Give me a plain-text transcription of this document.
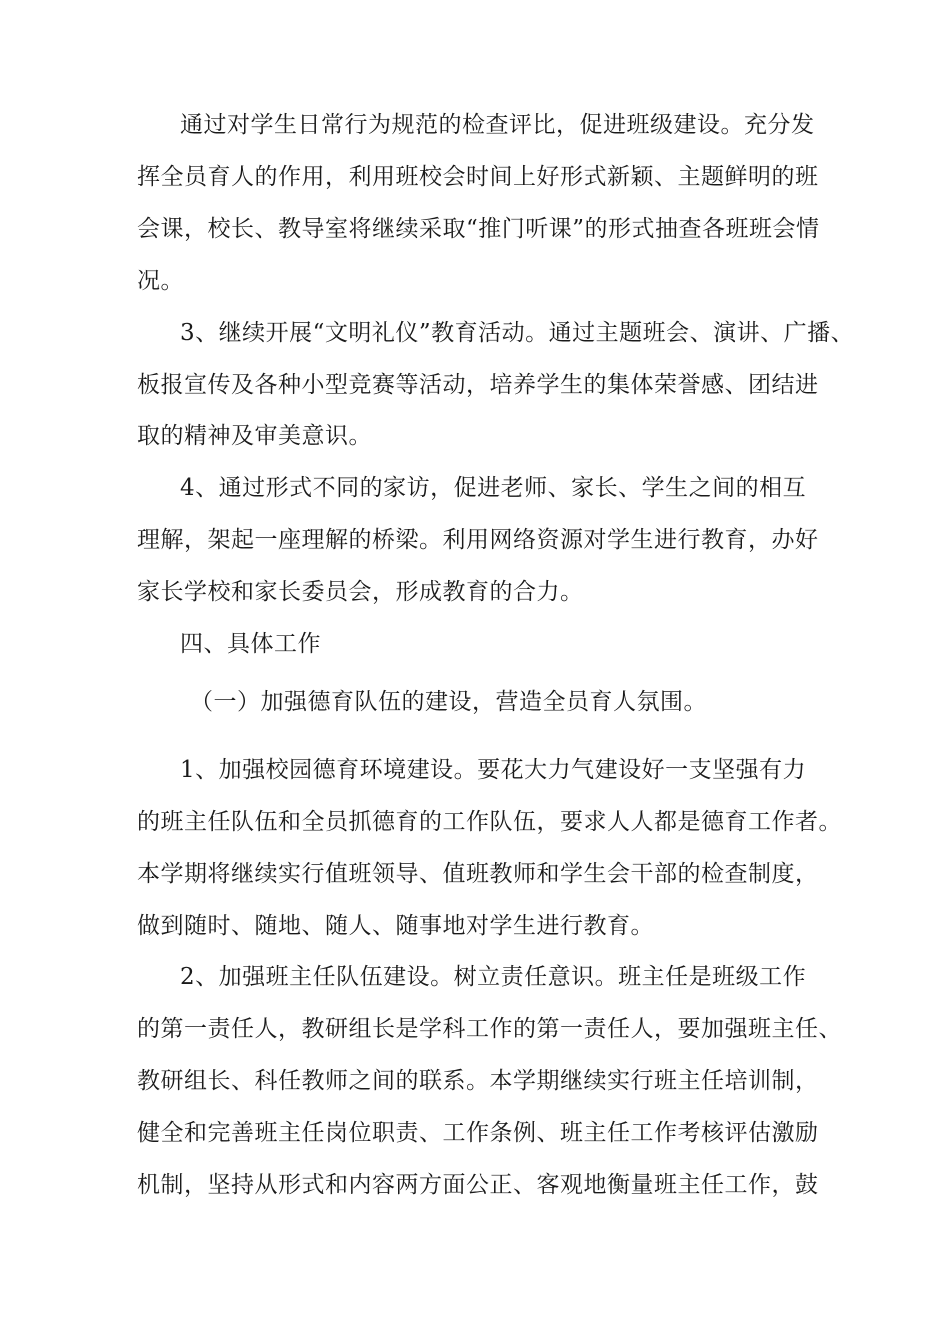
通过对学生日常行为规范的检查评比，促进班级建设。充分发
挥全员育人的作用，利用班校会时间上好形式新颖、主题鲜明的班
会课，校长、教导室将继续采取“推门听课”的形式抽查各班班会情
况。
3、继续开展“文明礼仪”教育活动。通过主题班会、演讲、广播、
板报宣传及各种小型竞赛等活动，培养学生的集体荣誉感、团结进
取的精神及审美意识。
4、通过形式不同的家访，促进老师、家长、学生之间的相互
理解，架起一座理解的桥梁。利用网络资源对学生进行教育，办好
家长学校和家长委员会，形成教育的合力。
四、具体工作
（一）加强德育队伍的建设，营造全员育人氛围。
1、加强校园德育环境建设。要花大力气建设好一支坚强有力
的班主任队伍和全员抓德育的工作队伍，要求人人都是德育工作者。
本学期将继续实行值班领导、值班教师和学生会干部的检查制度，
做到随时、随地、随人、随事地对学生进行教育。
2、加强班主任队伍建设。树立责任意识。班主任是班级工作
的第一责任人，教研组长是学科工作的第一责任人，要加强班主任、
教研组长、科任教师之间的联系。本学期继续实行班主任培训制，
健全和完善班主任岗位职责、工作条例、班主任工作考核评估激励
机制，坚持从形式和内容两方面公正、客观地衡量班主任工作，鼓
